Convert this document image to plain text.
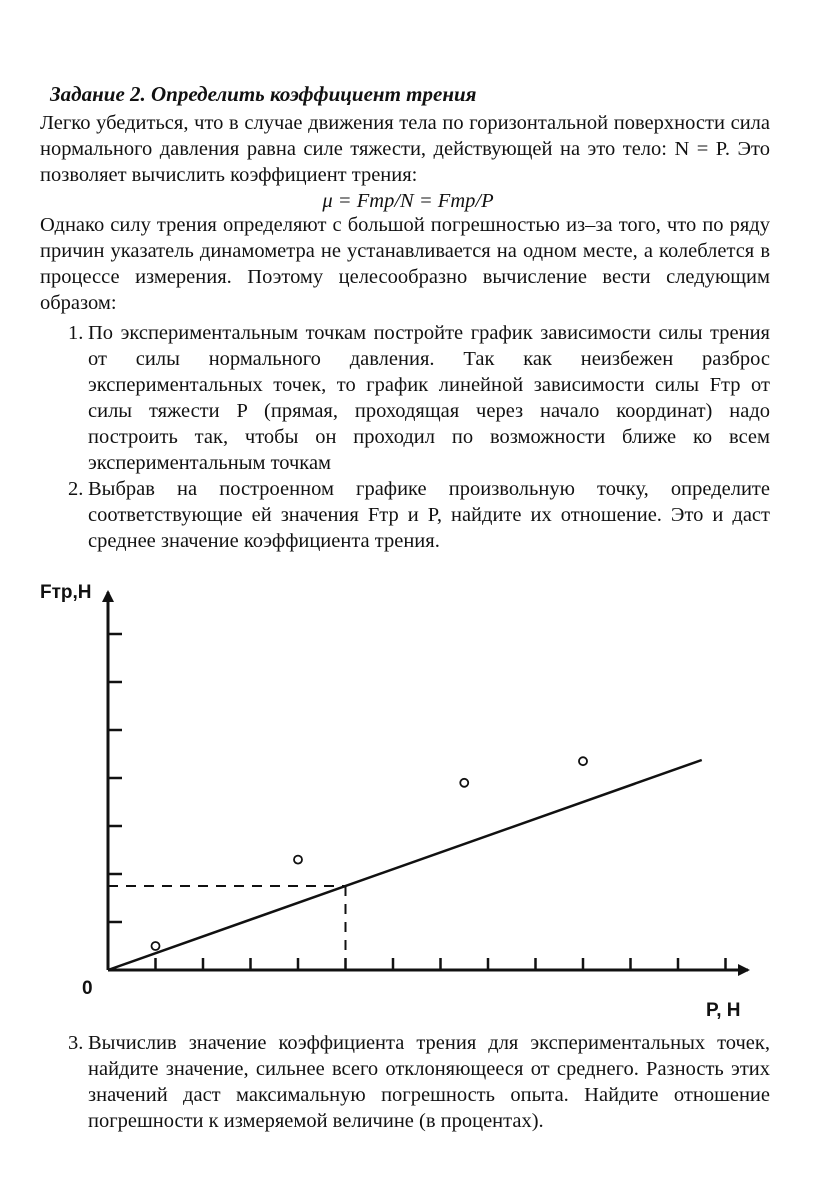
Задание 2. Определить коэффициент трения
Легко убедиться, что в случае движения тела по горизонтальной поверхности сила нормального давления равна силе тяжести, действующей на это тело: N = P. Это позволяет вычислить коэффициент трения:
μ = Fтр/N = Fтр/P
Однако силу трения определяют с большой погрешностью из–за того, что по ряду причин указатель динамометра не устанавливается на одном месте, а колеблется в процессе измерения. Поэтому целесообразно вычисление вести следующим образом:
1. По экспериментальным точкам постройте график зависимости силы трения от силы нормального давления. Так как неизбежен разброс экспериментальных точек, то график линейной зависимости силы Fтр от силы тяжести P (прямая, проходящая через начало координат) надо построить так, чтобы он проходил по возможности ближе ко всем экспериментальным точкам
2. Выбрав на построенном графике произвольную точку, определите соответствующие ей значения Fтр и P, найдите их отношение. Это и даст среднее значение коэффициента трения.
Fтр,Н
0
P, Н
3. Вычислив значение коэффициента трения для экспериментальных точек, найдите значение, сильнее всего отклоняющееся от среднего. Разность этих значений даст максимальную погрешность опыта. Найдите отношение погрешности к измеряемой величине (в процентах).
